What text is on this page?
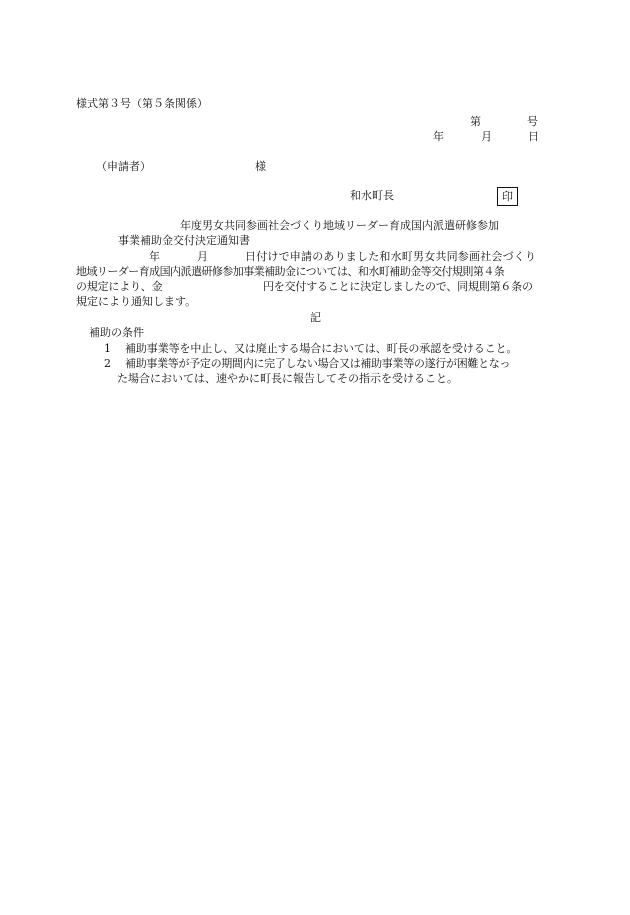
様式第３号（第５条関係）
第	号
年	月	日
（申請者）	様
和水町長	印
年度男女共同参画社会づくり地域リーダー育成国内派遣研修参加
事業補助金交付決定通知書
年	月	日付けで申請のありました和水町男女共同参画社会づくり
地域リーダー育成国内派遣研修参加事業補助金については、和水町補助金等交付規則第４条
の規定により、金	円を交付することに決定しましたので、同規則第６条の
規定により通知します。
記
補助の条件
1 補助事業等を中止し、又は廃止する場合においては、町長の承認を受けること。
2 補助事業等が予定の期間内に完了しない場合又は補助事業等の遂行が困難となっ
た場合においては、速やかに町長に報告してその指示を受けること。
